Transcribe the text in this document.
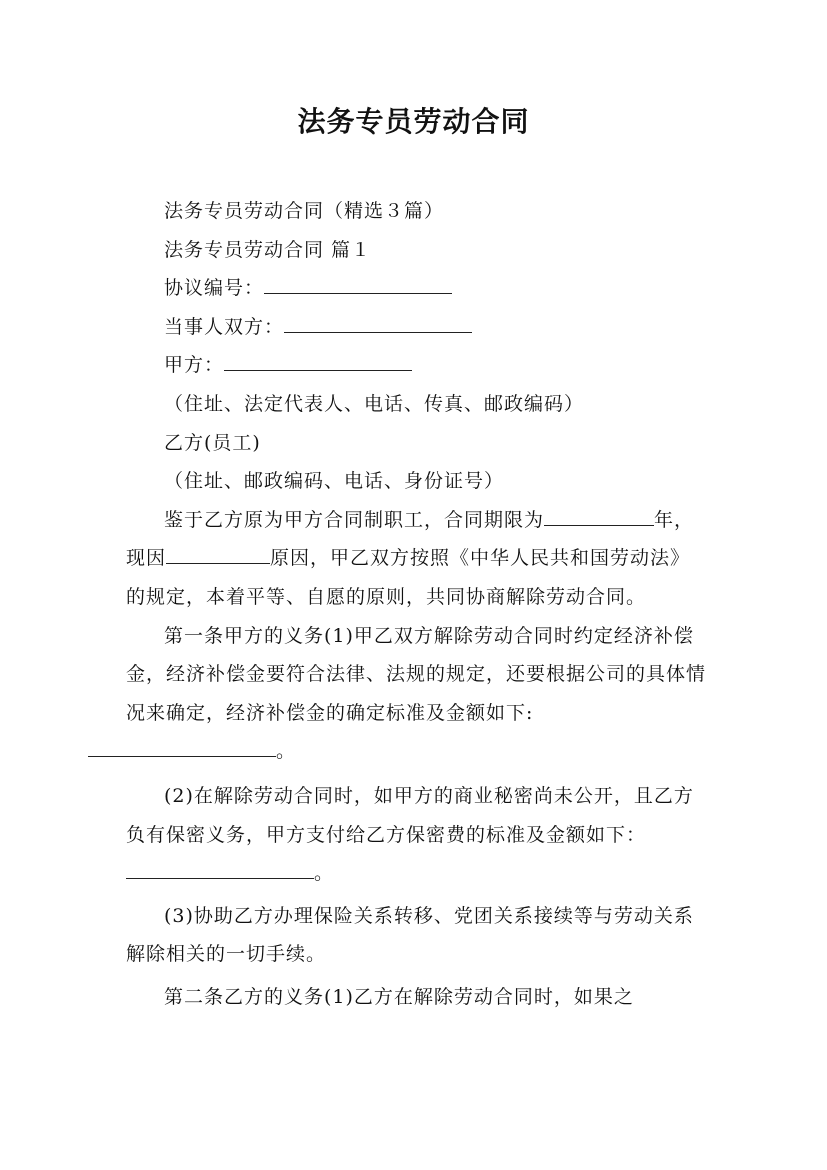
法务专员劳动合同

法务专员劳动合同（精选３篇）

法务专员劳动合同 篇１

协议编号：

当事人双方：

甲方：

（住址、法定代表人、电话、传真、邮政编码）

乙方(员工)

（住址、邮政编码、电话、身份证号）

鉴于乙方原为甲方合同制职工，合同期限为	年，现因	原因，甲乙双方按照《中华人民共和国劳动法》的规定，本着平等、自愿的原则，共同协商解除劳动合同。

第一条甲方的义务(1)甲乙双方解除劳动合同时约定经济补偿金，经济补偿金要符合法律、法规的规定，还要根据公司的具体情况来确定，经济补偿金的确定标准及金额如下:
。

(2)在解除劳动合同时，如甲方的商业秘密尚未公开，且乙方负有保密义务，甲方支付给乙方保密费的标准及金额如下：。

(3)协助乙方办理保险关系转移、党团关系接续等与劳动关系解除相关的一切手续。

第二条乙方的义务(1)乙方在解除劳动合同时，如果之
